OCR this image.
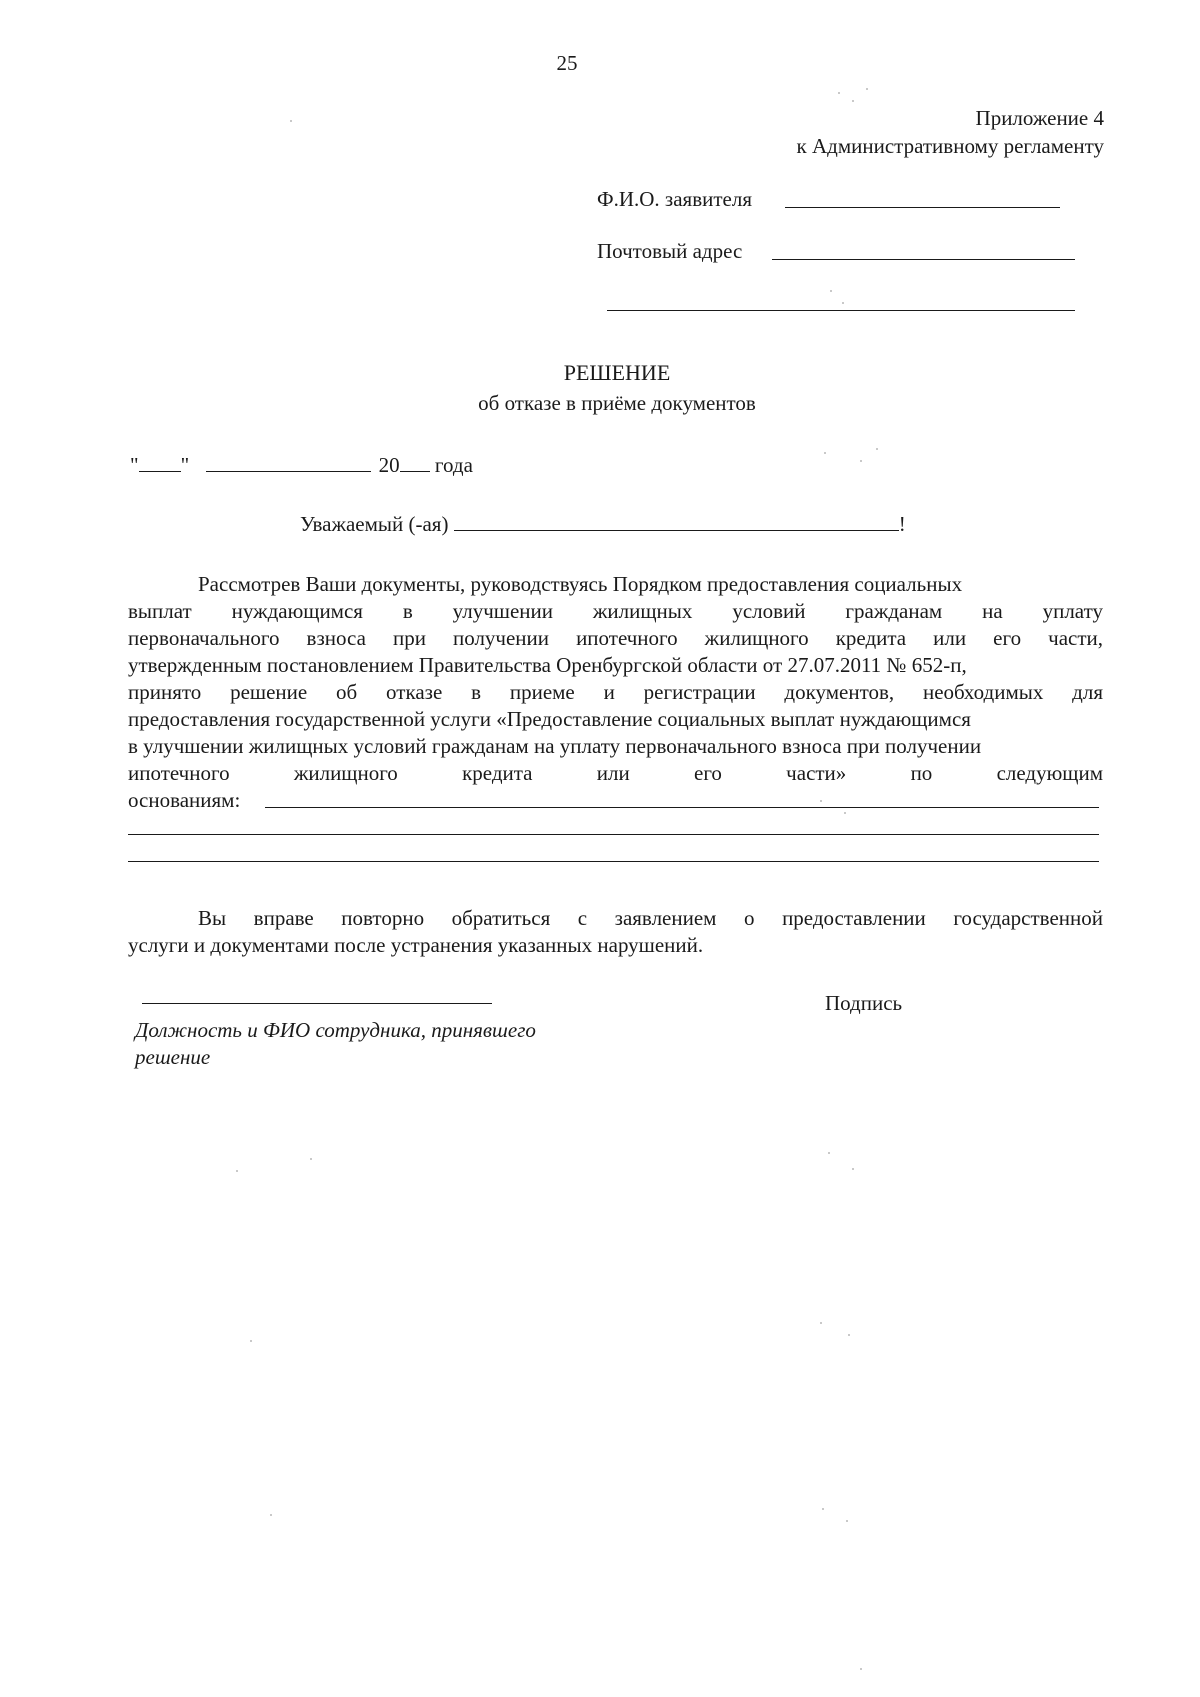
25
Приложение 4
к Административному регламенту
Ф.И.О. заявителя
Почтовый адрес
РЕШЕНИЕ
об отказе в приёме документов
" "	20 года
Уважаемый (-ая)	!
Рассмотрев Ваши документы, руководствуясь Порядком предоставления социальных
выплат нуждающимся в улучшении жилищных условий гражданам на уплату
первоначального взноса при получении ипотечного жилищного кредита или его части,
утвержденным постановлением Правительства Оренбургской области от 27.07.2011 № 652-п,
принято решение об отказе в приеме и регистрации документов, необходимых для
предоставления государственной услуги «Предоставление социальных выплат нуждающимся
в улучшении жилищных условий гражданам на уплату первоначального взноса при получении
ипотечного жилищного кредита или его части» по следующим
основаниям:
Вы вправе повторно обратиться с заявлением о предоставлении государственной
услуги и документами после устранения указанных нарушений.
Подпись
Должность и ФИО сотрудника, принявшего
решение
